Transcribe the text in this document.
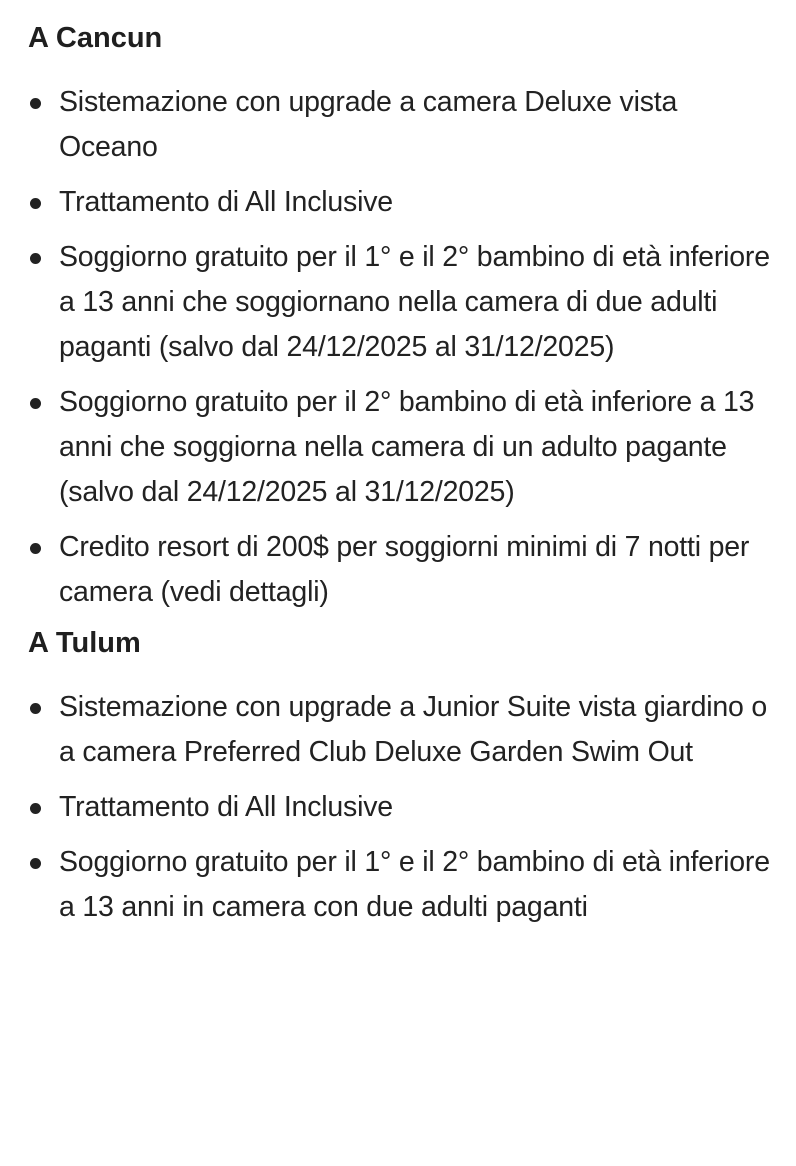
A Cancun
Sistemazione con upgrade a camera Deluxe vista Oceano
Trattamento di All Inclusive
Soggiorno gratuito per il 1° e il 2° bambino di età inferiore a 13 anni che soggiornano nella camera di due adulti paganti (salvo dal 24/12/2025 al 31/12/2025)
Soggiorno gratuito per il 2° bambino di età inferiore a 13 anni che soggiorna nella camera di un adulto pagante (salvo dal 24/12/2025 al 31/12/2025)
Credito resort di 200$ per soggiorni minimi di 7 notti per camera (vedi dettagli)
A Tulum
Sistemazione con upgrade a Junior Suite vista giardino o a camera Preferred Club Deluxe Garden Swim Out
Trattamento di All Inclusive
Soggiorno gratuito per il 1° e il 2° bambino di età inferiore a 13 anni in camera con due adulti paganti
